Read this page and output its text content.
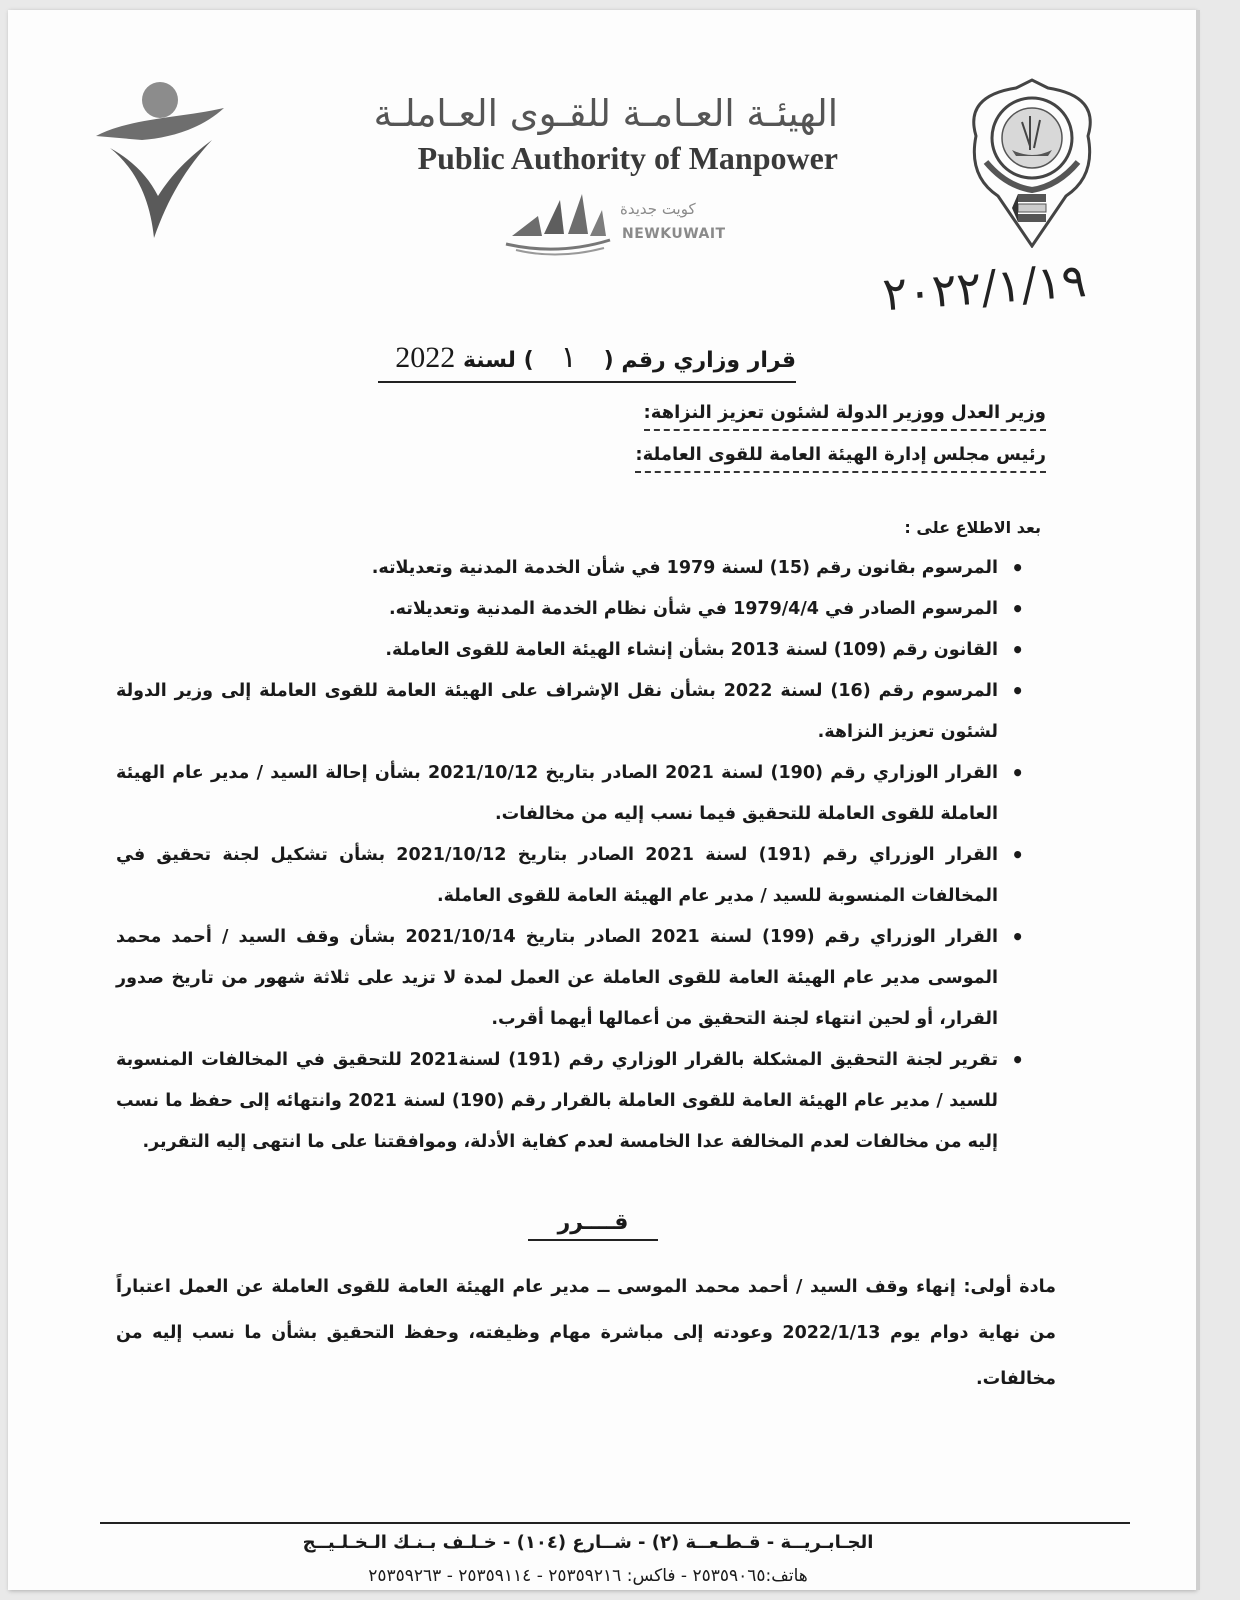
الهيئـة العـامـة للقـوى العـاملـة
Public Authority of Manpower
كويت جديدة
NEWKUWAIT
٢٠٢٢/١/١٩
قرار وزاري رقم (١) لسنة 2022
وزير العدل ووزير الدولة لشئون تعزيز النزاهة:
رئيس مجلس إدارة الهيئة العامة للقوى العاملة:
بعد الاطلاع على :
• المرسوم بقانون رقم (15) لسنة 1979 في شأن الخدمة المدنية وتعديلاته.
• المرسوم الصادر في 1979/4/4 في شأن نظام الخدمة المدنية وتعديلاته.
• القانون رقم (109) لسنة 2013 بشأن إنشاء الهيئة العامة للقوى العاملة.
• المرسوم رقم (16) لسنة 2022 بشأن نقل الإشراف على الهيئة العامة للقوى العاملة إلى وزير الدولة لشئون تعزيز النزاهة.
• القرار الوزاري رقم (190) لسنة 2021 الصادر بتاريخ 2021/10/12 بشأن إحالة السيد / مدير عام الهيئة العاملة للقوى العاملة للتحقيق فيما نسب إليه من مخالفات.
• القرار الوزراي رقم (191) لسنة 2021 الصادر بتاريخ 2021/10/12 بشأن تشكيل لجنة تحقيق في المخالفات المنسوبة للسيد / مدير عام الهيئة العامة للقوى العاملة.
• القرار الوزراي رقم (199) لسنة 2021 الصادر بتاريخ 2021/10/14 بشأن وقف السيد / أحمد محمد الموسى مدير عام الهيئة العامة للقوى العاملة عن العمل لمدة لا تزيد على ثلاثة شهور من تاريخ صدور القرار، أو لحين انتهاء لجنة التحقيق من أعمالها أيهما أقرب.
• تقرير لجنة التحقيق المشكلة بالقرار الوزاري رقم (191) لسنة2021 للتحقيق في المخالفات المنسوبة للسيد / مدير عام الهيئة العامة للقوى العاملة بالقرار رقم (190) لسنة 2021 وانتهائه إلى حفظ ما نسب إليه من مخالفات لعدم المخالفة عدا الخامسة لعدم كفاية الأدلة، وموافقتنا على ما انتهى إليه التقرير.
قــــرر
مادة أولى: إنهاء وقف السيد / أحمد محمد الموسى ــ مدير عام الهيئة العامة للقوى العاملة عن العمل اعتباراً من نهاية دوام يوم 2022/1/13 وعودته إلى مباشرة مهام وظيفته، وحفظ التحقيق بشأن ما نسب إليه من مخالفات.
الجـابـريــة - قـطـعــة (٢) - شــارع (١٠٤) - خـلـف بـنـك الـخـلـيــج
هاتف:٢٥٣٥٩٠٦٥ - فاكس: ٢٥٣٥٩٢١٦ - ٢٥٣٥٩١١٤ - ٢٥٣٥٩٢٦٣
